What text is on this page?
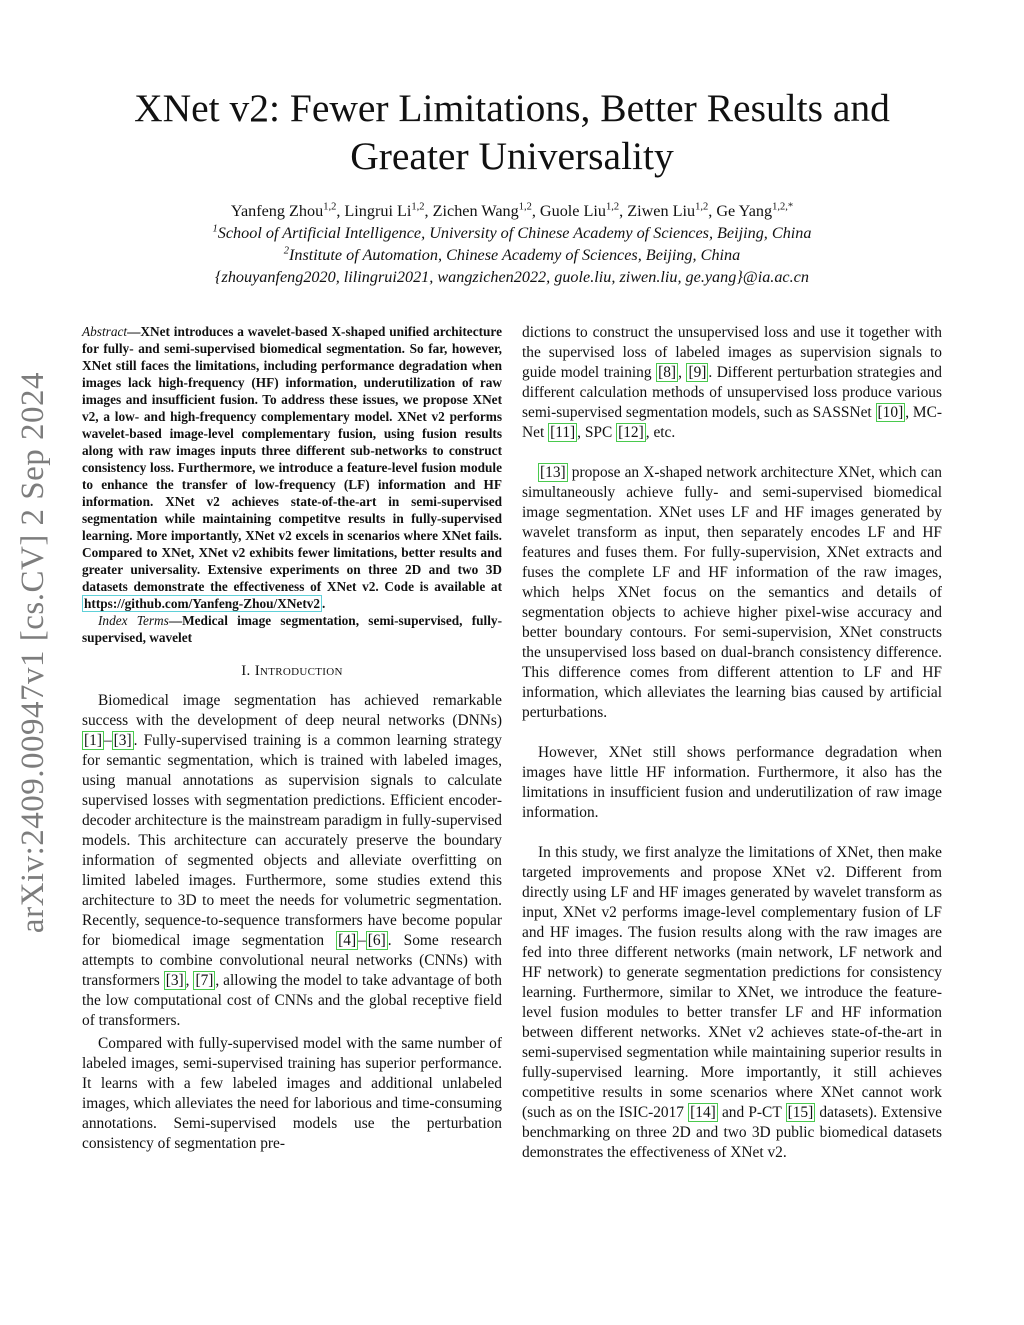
arXiv:2409.00947v1 [cs.CV] 2 Sep 2024
XNet v2: Fewer Limitations, Better Results and
Greater Universality
Yanfeng Zhou$^{1,2}$, Lingrui Li$^{1,2}$, Zichen Wang$^{1,2}$, Guole Liu$^{1,2}$, Ziwen Liu$^{1,2}$, Ge Yang$^{1,2,*}$
$^1$School of Artificial Intelligence, University of Chinese Academy of Sciences, Beijing, China
$^2$Institute of Automation, Chinese Academy of Sciences, Beijing, China
{zhouyanfeng2020, lilingrui2021, wangzichen2022, guole.liu, ziwen.liu, ge.yang}@ia.ac.cn
Abstract—XNet introduces a wavelet-based X-shaped unified architecture for fully- and semi-supervised biomedical segmentation. So far, however, XNet still faces the limitations, including performance degradation when images lack high-frequency (HF) information, underutilization of raw images and insufficient fusion. To address these issues, we propose XNet v2, a low- and high-frequency complementary model. XNet v2 performs wavelet-based image-level complementary fusion, using fusion results along with raw images inputs three different sub-networks to construct consistency loss. Furthermore, we introduce a feature-level fusion module to enhance the transfer of low-frequency (LF) information and HF information. XNet v2 achieves state-of-the-art in semi-supervised segmentation while maintaining competitve results in fully-supervised learning. More importantly, XNet v2 excels in scenarios where XNet fails. Compared to XNet, XNet v2 exhibits fewer limitations, better results and greater universality. Extensive experiments on three 2D and two 3D datasets demonstrate the effectiveness of XNet v2. Code is available at https://github.com/Yanfeng-Zhou/XNetv2 .
Index Terms—Medical image segmentation, semi-supervised, fully-supervised, wavelet
I. Introduction

Biomedical image segmentation has achieved remarkable success with the development of deep neural networks (DNNs) [1] – [3] . Fully-supervised training is a common learning strategy for semantic segmentation, which is trained with labeled images, using manual annotations as supervision signals to calculate supervised losses with segmentation predictions. Efficient encoder-decoder architecture is the mainstream paradigm in fully-supervised models. This architecture can accurately preserve the boundary information of segmented objects and alleviate overfitting on limited labeled images. Furthermore, some studies extend this architecture to 3D to meet the needs for volumetric segmentation. Recently, sequence-to-sequence transformers have become popular for biomedical image segmentation [4] – [6] . Some research attempts to combine convolutional neural networks (CNNs) with transformers [3] , [7] , allowing the model to take advantage of both the low computational cost of CNNs and the global receptive field of transformers.

Compared with fully-supervised model with the same number of labeled images, semi-supervised training has superior performance. It learns with a few labeled images and additional unlabeled images, which alleviates the need for laborious and time-consuming annotations. Semi-supervised models use the perturbation consistency of segmentation pre-

dictions to construct the unsupervised loss and use it together with the supervised loss of labeled images as supervision signals to guide model training [8] , [9] . Different perturbation strategies and different calculation methods of unsupervised loss produce various semi-supervised segmentation models, such as SASSNet [10] , MC-Net [11] , SPC [12] , etc.

[13] propose an X-shaped network architecture XNet, which can simultaneously achieve fully- and semi-supervised biomedical image segmentation. XNet uses LF and HF images generated by wavelet transform as input, then separately encodes LF and HF features and fuses them. For fully-supervision, XNet extracts and fuses the complete LF and HF information of the raw images, which helps XNet focus on the semantics and details of segmentation objects to achieve higher pixel-wise accuracy and better boundary contours. For semi-supervision, XNet constructs the unsupervised loss based on dual-branch consistency difference. This difference comes from different attention to LF and HF information, which alleviates the learning bias caused by artificial perturbations.

However, XNet still shows performance degradation when images have little HF information. Furthermore, it also has the limitations in insufficient fusion and underutilization of raw image information.

In this study, we first analyze the limitations of XNet, then make targeted improvements and propose XNet v2. Different from directly using LF and HF images generated by wavelet transform as input, XNet v2 performs image-level complementary fusion of LF and HF images. The fusion results along with the raw images are fed into three different networks (main network, LF network and HF network) to generate segmentation predictions for consistency learning. Furthermore, similar to XNet, we introduce the feature-level fusion modules to better transfer LF and HF information between different networks. XNet v2 achieves state-of-the-art in semi-supervised segmentation while maintaining superior results in fully-supervised learning. More importantly, it still achieves competitive results in some scenarios where XNet cannot work (such as on the ISIC-2017 [14] and P-CT [15] datasets). Extensive benchmarking on three 2D and two 3D public biomedical datasets demonstrates the effectiveness of XNet v2.
